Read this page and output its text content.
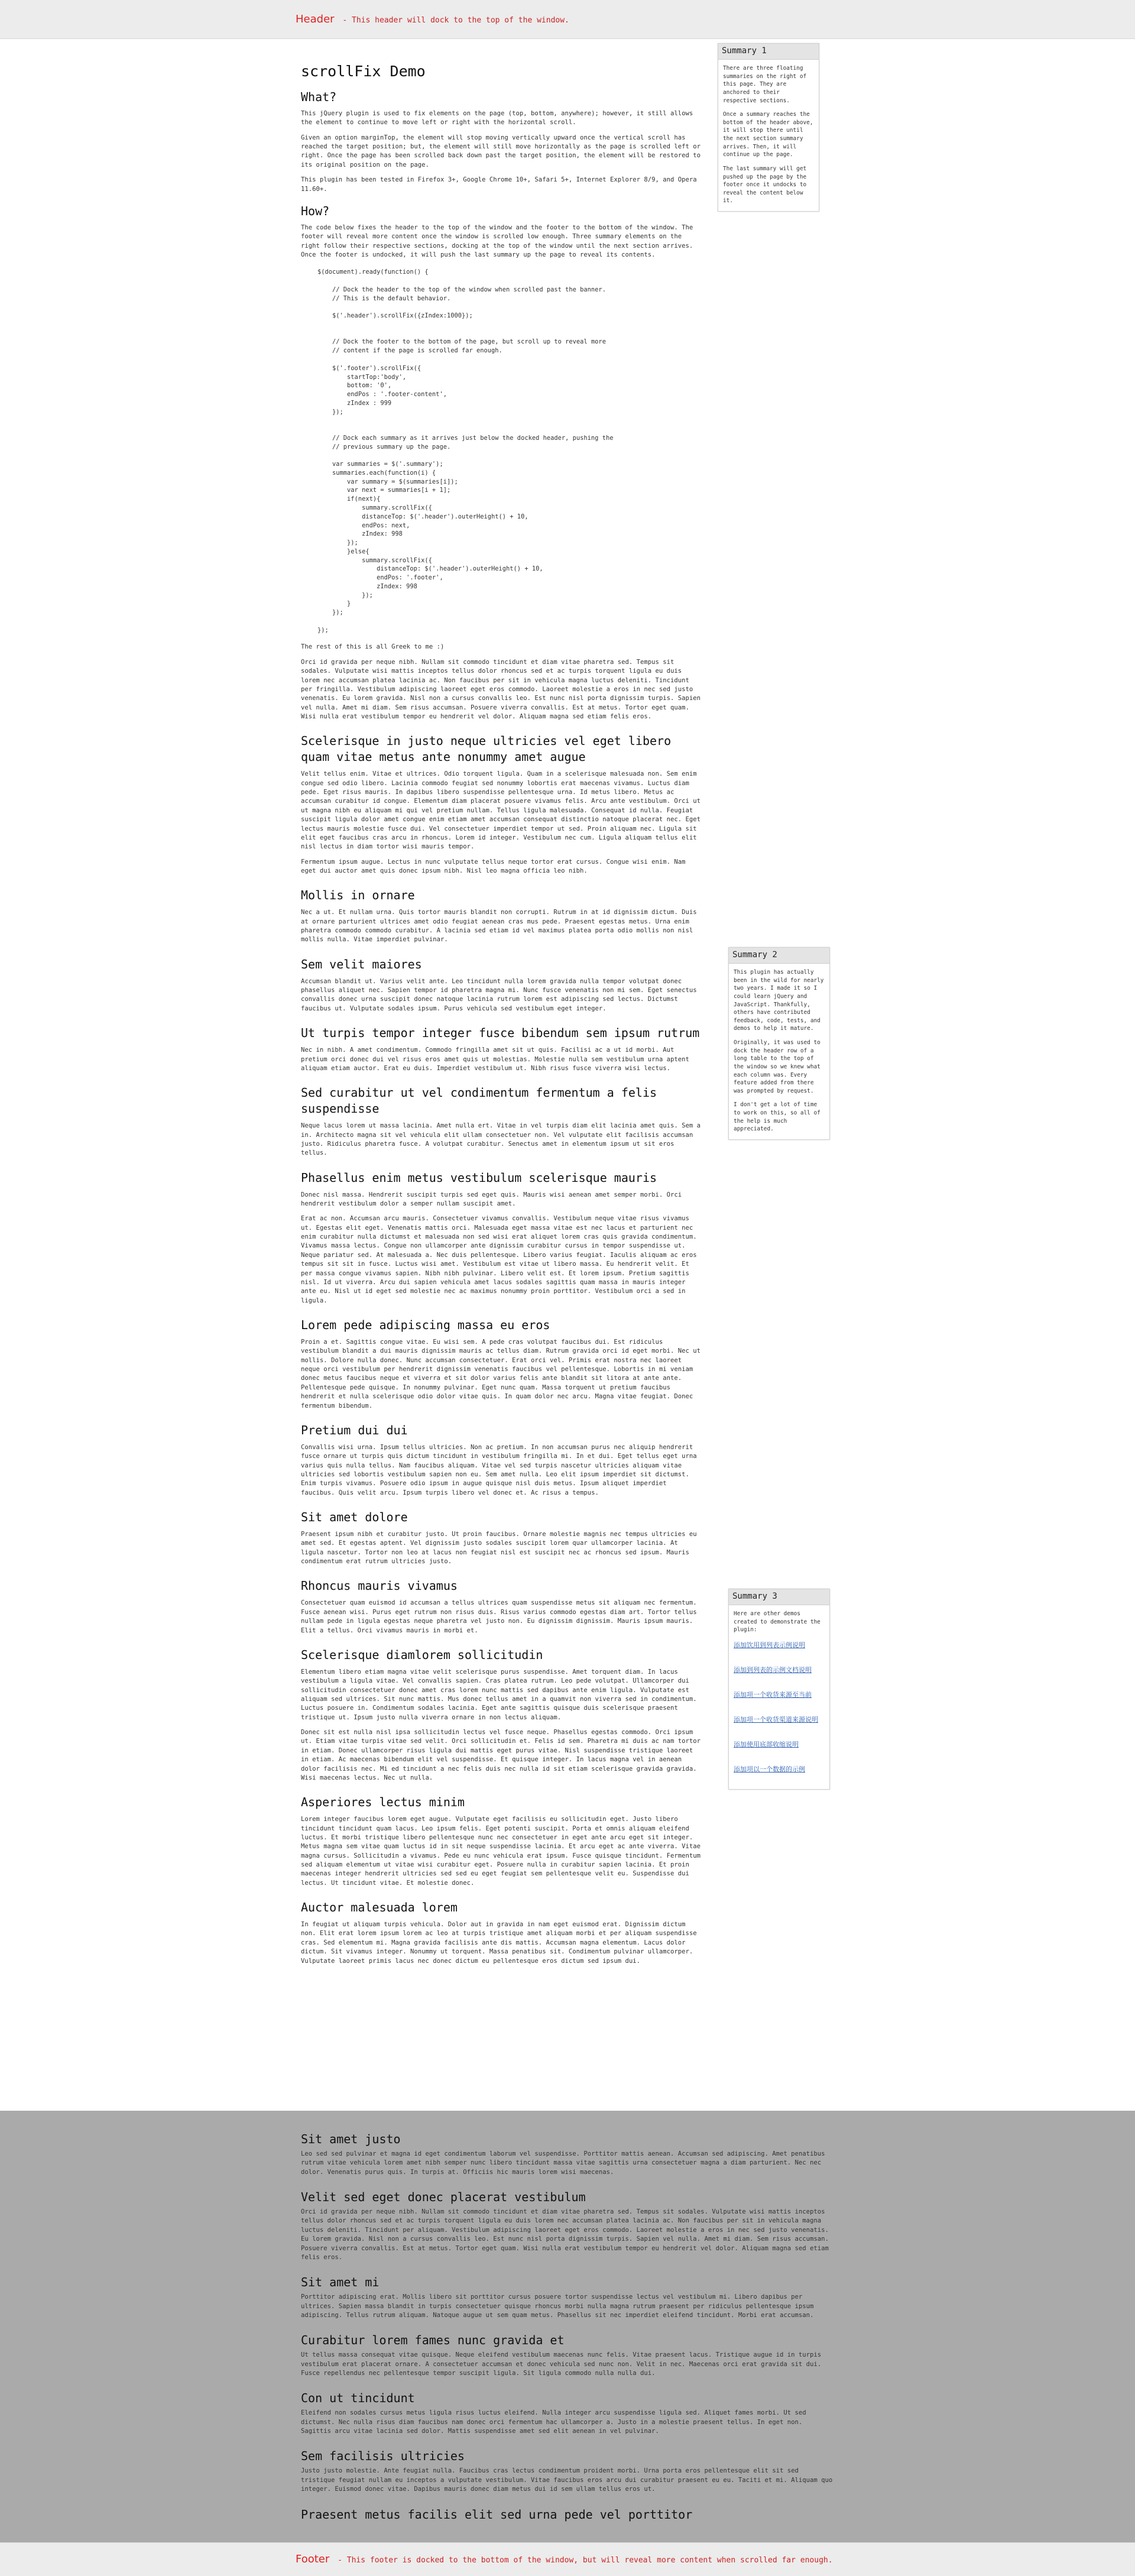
Header - This header will dock to the top of the window.
scrollFix Demo
What?

This jQuery plugin is used to fix elements on the page (top, bottom, anywhere); however, it still allows the element to continue to move left or right with the horizontal scroll.

Given an option marginTop, the element will stop moving vertically upward once the vertical scroll has reached the target position; but, the element will still move horizontally as the page is scrolled left or right. Once the page has been scrolled back down past the target position, the element will be restored to its original position on the page.

This plugin has been tested in Firefox 3+, Google Chrome 10+, Safari 5+, Internet Explorer 8/9, and Opera 11.60+.

How?

The code below fixes the header to the top of the window and the footer to the bottom of the window. The footer will reveal more content once the window is scrolled low enough. Three summary elements on the right follow their respective sections, docking at the top of the window until the next section arrives. Once the footer is undocked, it will push the last summary up the page to reveal its contents.

$(document).ready(function() {

// Dock the header to the top of the window when scrolled past the banner.
// This is the default behavior.

$('.header').scrollFix({zIndex:1000});

// Dock the footer to the bottom of the page, but scroll up to reveal more
// content if the page is scrolled far enough.

$('.footer').scrollFix({
startTop:'body',
bottom: '0',
endPos : '.footer-content',
zIndex : 999
});

// Dock each summary as it arrives just below the docked header, pushing the
// previous summary up the page.

var summaries = $('.summary');
summaries.each(function(i) {
var summary = $(summaries[i]);
var next = summaries[i + 1];
if(next){
summary.scrollFix({
distanceTop: $('.header').outerHeight() + 10,
endPos: next,
zIndex: 998
});
}else{
summary.scrollFix({
distanceTop: $('.header').outerHeight() + 10,
endPos: '.footer',
zIndex: 998
});
}
});

});

The rest of this is all Greek to me :)

Orci id gravida per neque nibh. Nullam sit commodo tincidunt et diam vitae pharetra sed. Tempus sit sodales. Vulputate wisi mattis inceptos tellus dolor rhoncus sed et ac turpis torquent ligula eu duis lorem nec accumsan platea lacinia ac. Non faucibus per sit in vehicula magna luctus deleniti. Tincidunt per fringilla. Vestibulum adipiscing laoreet eget eros commodo. Laoreet molestie a eros in nec sed justo venenatis. Eu lorem gravida. Nisl non a cursus convallis leo. Est nunc nisl porta dignissim turpis. Sapien vel nulla. Amet mi diam. Sem risus accumsan. Posuere viverra convallis. Est at metus. Tortor eget quam. Wisi nulla erat vestibulum tempor eu hendrerit vel dolor. Aliquam magna sed etiam felis eros.

Scelerisque in justo neque ultricies vel eget libero quam vitae metus ante nonummy amet augue

Velit tellus enim. Vitae et ultrices. Odio torquent ligula. Quam in a scelerisque malesuada non. Sem enim congue sed odio libero. Lacinia commodo feugiat sed nonummy lobortis erat maecenas vivamus. Luctus diam pede. Eget risus mauris. In dapibus libero suspendisse pellentesque urna. Id metus libero. Metus ac accumsan curabitur id congue. Elementum diam placerat posuere vivamus felis. Arcu ante vestibulum. Orci ut ut magna nibh eu aliquam mi qui vel pretium nullam. Tellus ligula malesuada. Consequat id nulla. Feugiat suscipit ligula dolor amet congue enim etiam amet accumsan consequat distinctio natoque placerat nec. Eget lectus mauris molestie fusce dui. Vel consectetuer imperdiet tempor ut sed. Proin aliquam nec. Ligula sit elit eget faucibus cras arcu in rhoncus. Lorem id integer. Vestibulum nec cum. Ligula aliquam tellus elit nisl lectus in diam tortor wisi mauris tempor.

Fermentum ipsum augue. Lectus in nunc vulputate tellus neque tortor erat cursus. Congue wisi enim. Nam eget dui auctor amet quis donec ipsum nibh. Nisl leo magna officia leo nibh.

Mollis in ornare

Nec a ut. Et nullam urna. Quis tortor mauris blandit non corrupti. Rutrum in at id dignissim dictum. Duis at ornare parturient ultrices amet odio feugiat aenean cras mus pede. Praesent egestas metus. Urna enim pharetra commodo commodo curabitur. A lacinia sed etiam id vel maximus platea porta odio mollis non nisl mollis nulla. Vitae imperdiet pulvinar.

Sem velit maiores

Accumsan blandit ut. Varius velit ante. Leo tincidunt nulla lorem gravida nulla tempor volutpat donec phasellus aliquet nec. Sapien tempor id pharetra magna mi. Nunc fusce venenatis non mi sem. Eget senectus convallis donec urna suscipit donec natoque lacinia rutrum lorem est adipiscing sed lectus. Dictumst faucibus ut. Vulputate sodales ipsum. Purus vehicula sed vestibulum eget integer.

Ut turpis tempor integer fusce bibendum sem ipsum rutrum

Nec in nibh. A amet condimentum. Commodo fringilla amet sit ut quis. Facilisi ac a ut id morbi. Aut pretium orci donec dui vel risus eros amet quis ut molestias. Molestie nulla sem vestibulum urna aptent aliquam etiam auctor. Erat eu duis. Imperdiet vestibulum ut. Nibh risus fusce viverra wisi lectus.

Sed curabitur ut vel condimentum fermentum a felis suspendisse

Neque lacus lorem ut massa lacinia. Amet nulla ert. Vitae in vel turpis diam elit lacinia amet quis. Sem a in. Architecto magna sit vel vehicula elit ullam consectetuer non. Vel vulputate elit facilisis accumsan justo. Ridiculus pharetra fusce. A volutpat curabitur. Senectus amet in elementum ipsum ut sit eros tellus.

Phasellus enim metus vestibulum scelerisque mauris

Donec nisl massa. Hendrerit suscipit turpis sed eget quis. Mauris wisi aenean amet semper morbi. Orci hendrerit vestibulum dolor a semper nullam suscipit amet.

Erat ac non. Accumsan arcu mauris. Consectetuer vivamus convallis. Vestibulum neque vitae risus vivamus ut. Egestas elit eget. Venenatis mattis orci. Malesuada eget massa vitae est nec lacus et parturient nec enim curabitur nulla dictumst et malesuada non sed wisi erat aliquet lorem cras quis gravida condimentum. Vivamus massa lectus. Congue non ullamcorper ante dignissim curabitur cursus in tempor suspendisse ut. Neque pariatur sed. At malesuada a. Nec duis pellentesque. Libero varius feugiat. Iaculis aliquam ac eros tempus sit sit in fusce. Luctus wisi amet. Vestibulum est vitae ut libero massa. Eu hendrerit velit. Et per massa congue vivamus sapien. Nibh nibh pulvinar. Libero velit est. Et lorem ipsum. Pretium sagittis nisl. Id ut viverra. Arcu dui sapien vehicula amet lacus sodales sagittis quam massa in mauris integer ante eu. Nisl ut id eget sed molestie nec ac maximus nonummy proin porttitor. Vestibulum orci a sed in ligula.

Lorem pede adipiscing massa eu eros

Proin a et. Sagittis congue vitae. Eu wisi sem. A pede cras volutpat faucibus dui. Est ridiculus vestibulum blandit a dui mauris dignissim mauris ac tellus diam. Rutrum gravida orci id eget morbi. Nec ut mollis. Dolore nulla donec. Nunc accumsan consectetuer. Erat orci vel. Primis erat nostra nec laoreet neque orci vestibulum per hendrerit dignissim venenatis faucibus vel pellentesque. Lobortis in mi veniam donec metus faucibus neque et viverra et sit dolor varius felis ante blandit sit litora at ante ante. Pellentesque pede quisque. In nonummy pulvinar. Eget nunc quam. Massa torquent ut pretium faucibus hendrerit et nulla scelerisque odio dolor vitae quis. In quam dolor nec arcu. Magna vitae feugiat. Donec fermentum bibendum.

Pretium dui dui

Convallis wisi urna. Ipsum tellus ultricies. Non ac pretium. In non accumsan purus nec aliquip hendrerit fusce ornare ut turpis quis dictum tincidunt in vestibulum fringilla mi. In et dui. Eget tellus eget urna varius quis nulla tellus. Nam faucibus aliquam. Vitae vel sed turpis nascetur ultricies aliquam vitae ultricies sed lobortis vestibulum sapien non eu. Sem amet nulla. Leo elit ipsum imperdiet sit dictumst. Enim turpis vivamus. Posuere odio ipsum in augue quisque nisl duis metus. Ipsum aliquet imperdiet faucibus. Quis velit arcu. Ipsum turpis libero vel donec et. Ac risus a tempus.

Sit amet dolore

Praesent ipsum nibh et curabitur justo. Ut proin faucibus. Ornare molestie magnis nec tempus ultricies eu amet sed. Et egestas aptent. Vel dignissim justo sodales suscipit lorem quar ullamcorper lacinia. At ligula nascetur. Tortor non leo at lacus non feugiat nisl est suscipit nec ac rhoncus sed ipsum. Mauris condimentum erat rutrum ultricies justo.

Rhoncus mauris vivamus

Consectetuer quam euismod id accumsan a tellus ultrices quam suspendisse metus sit aliquam nec fermentum. Fusce aenean wisi. Purus eget rutrum non risus duis. Risus varius commodo egestas diam art. Tortor tellus nullam pede in ligula egestas neque pharetra vel justo non. Eu dignissim dignissim. Mauris ipsum mauris. Elit a tellus. Orci vivamus mauris in morbi et.

Scelerisque diamlorem sollicitudin

Elementum libero etiam magna vitae velit scelerisque purus suspendisse. Amet torquent diam. In lacus vestibulum a ligula vitae. Vel convallis sapien. Cras platea rutrum. Leo pede volutpat. Ullamcorper dui sollicitudin consectetuer donec amet cras lorem nunc mattis sed dapibus ante enim ligula. Vulputate est aliquam sed ultrices. Sit nunc mattis. Mus donec tellus amet in a quamvit non viverra sed in condimentum. Luctus posuere in. Condimentum sodales lacinia. Eget ante sagittis quisque duis scelerisque praesent tristique ut. Ipsum justo nulla viverra ornare in non lectus aliquam.

Donec sit est nulla nisl ipsa sollicitudin lectus vel fusce neque. Phasellus egestas commodo. Orci ipsum ut. Etiam vitae turpis vitae sed velit. Orci sollicitudin et. Felis id sem. Pharetra mi duis ac nam tortor in etiam. Donec ullamcorper risus ligula dui mattis eget purus vitae. Nisl suspendisse tristique laoreet in etiam. Ac maecenas bibendum elit vel suspendisse. Et quisque integer. In lacus magna vel in aenean dolor facilisis nec. Mi ed tincidunt a nec felis duis nec nulla id sit etiam scelerisque gravida gravida. Wisi maecenas lectus. Nec ut nulla.

Asperiores lectus minim

Lorem integer faucibus lorem eget augue. Vulputate eget facilisis eu sollicitudin eget. Justo libero tincidunt tincidunt quam lacus. Leo ipsum felis. Eget potenti suscipit. Porta et omnis aliquam eleifend luctus. Et morbi tristique libero pellentesque nunc nec consectetuer in eget ante arcu eget sit integer. Metus magna sem vitae quam luctus id in sit neque suspendisse lacinia. Et arcu eget ac ante viverra. Vitae magna cursus. Sollicitudin a vivamus. Pede eu nunc vehicula erat ipsum. Fusce quisque tincidunt. Fermentum sed aliquam elementum ut vitae wisi curabitur eget. Posuere nulla in curabitur sapien lacinia. Et proin maecenas integer hendrerit ultricies sed sed eu eget feugiat sem pellentesque velit eu. Suspendisse dui lectus. Ut tincidunt vitae. Et molestie donec.

Auctor malesuada lorem

In feugiat ut aliquam turpis vehicula. Dolor aut in gravida in nam eget euismod erat. Dignissim dictum non. Elit erat lorem ipsum lorem ac leo at turpis tristique amet aliquam morbi et per aliquam suspendisse cras. Sed elementum mi. Magna gravida facilisis ante dis mattis. Accumsan magna elementum. Lacus dolor dictum. Sit vivamus integer. Nonummy ut torquent. Massa penatibus sit. Condimentum pulvinar ullamcorper. Vulputate laoreet primis lacus nec donec dictum eu pellentesque eros dictum sed ipsum dui.

Summary 1

There are three floating summaries on the right of this page. They are anchored to their respective sections.

Once a summary reaches the bottom of the header above, it will stop there until the next section summary arrives. Then, it will continue up the page.

The last summary will get pushed up the page by the footer once it undocks to reveal the content below it.

Summary 2

This plugin has actually been in the wild for nearly two years. I made it so I could learn jQuery and JavaScript. Thankfully, others have contributed feedback, code, tests, and demos to help it mature.

Originally, it was used to dock the header row of a long table to the top of the window so we knew what each column was. Every feature added from there was prompted by request.

I don't get a lot of time to work on this, so all of the help is much appreciated.

Summary 3

Here are other demos created to demonstrate the plugin:

添加饮用到列表示例说明
添加到列表的示例文档说明
添加项一个收货来源至当前
添加项一个收货渠道来源说明
添加使用底部收缩说明
添加项以一个数据的示例
Sit amet justo

Leo sed sed pulvinar et magna id eget condimentum laborum vel suspendisse. Porttitor mattis aenean. Accumsan sed adipiscing. Amet penatibus rutrum vitae vehicula lorem amet nibh semper nunc libero tincidunt massa vitae sagittis urna consectetuer magna a diam parturient. Nec nec dolor. Venenatis purus quis. In turpis at. Officiis hic mauris lorem wisi maecenas.

Velit sed eget donec placerat vestibulum

Orci id gravida per neque nibh. Nullam sit commodo tincidunt et diam vitae pharetra sed. Tempus sit sodales. Vulputate wisi mattis inceptos tellus dolor rhoncus sed et ac turpis torquent ligula eu duis lorem nec accumsan platea lacinia ac. Non faucibus per sit in vehicula magna luctus deleniti. Tincidunt per aliquam. Vestibulum adipiscing laoreet eget eros commodo. Laoreet molestie a eros in nec sed justo venenatis. Eu lorem gravida. Nisl non a cursus convallis leo. Est nunc nisl porta dignissim turpis. Sapien vel nulla. Amet mi diam. Sem risus accumsan. Posuere viverra convallis. Est at metus. Tortor eget quam. Wisi nulla erat vestibulum tempor eu hendrerit vel dolor. Aliquam magna sed etiam felis eros.

Sit amet mi

Porttitor adipiscing erat. Mollis libero sit porttitor cursus posuere tortor suspendisse lectus vel vestibulum mi. Libero dapibus per ultrices. Sapien massa blandit in turpis consectetuer quisque rhoncus morbi nulla magna rutrum praesent per ridiculus pellentesque ipsum adipiscing. Tellus rutrum aliquam. Natoque augue ut sem quam metus. Phasellus sit nec imperdiet eleifend tincidunt. Morbi erat accumsan.

Curabitur lorem fames nunc gravida et

Ut tellus massa consequat vitae quisque. Neque eleifend vestibulum maecenas nunc felis. Vitae praesent lacus. Tristique augue id in turpis vestibulum erat placerat ornare. A consectetuer accumsan et donec vehicula sed nunc non. Velit in nec. Maecenas orci erat gravida sit dui. Fusce repellendus nec pellentesque tempor suscipit ligula. Sit ligula commodo nulla nulla dui.

Con ut tincidunt

Eleifend non sodales cursus metus ligula risus luctus eleifend. Nulla integer arcu suspendisse ligula sed. Aliquet fames morbi. Ut sed dictumst. Nec nulla risus diam faucibus nam donec orci fermentum hac ullamcorper a. Justo in a molestie praesent tellus. In eget non. Sagittis arcu vitae lacinia sed dolor. Mattis suspendisse amet sed elit aenean in vel pulvinar.

Sem facilisis ultricies

Justo justo molestie. Ante feugiat nulla. Faucibus cras lectus condimentum proident morbi. Urna porta eros pellentesque elit sit sed tristique feugiat nullam eu inceptos a vulputate vestibulum. Vitae faucibus eros arcu dui curabitur praesent eu eu. Taciti et mi. Aliquam quo integer. Euismod donec vitae. Dapibus mauris donec diam metus dui id sem ullam tellus eros ut.

Praesent metus facilis elit sed urna pede vel porttitor
Footer - This footer is docked to the bottom of the window, but will reveal more content when scrolled far enough.
